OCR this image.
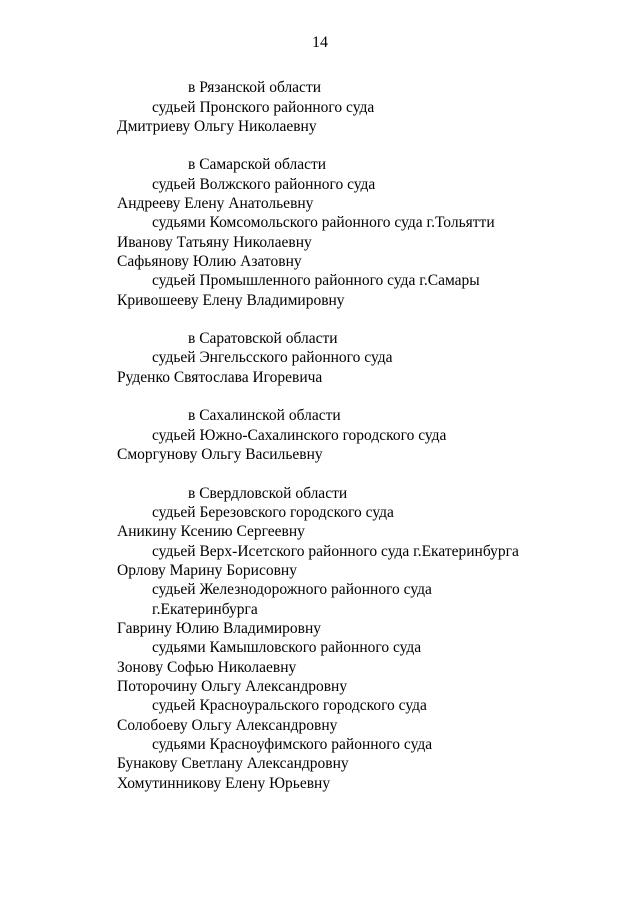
14
в Рязанской области
судьей Пронского районного суда
Дмитриеву Ольгу Николаевну
в Самарской области
судьей Волжского районного суда
Андрееву Елену Анатольевну
судьями Комсомольского районного суда г.Тольятти
Иванову Татьяну Николаевну
Сафьянову Юлию Азатовну
судьей Промышленного районного суда г.Самары
Кривошееву Елену Владимировну
в Саратовской области
судьей Энгельсского районного суда
Руденко Святослава Игоревича
в Сахалинской области
судьей Южно-Сахалинского городского суда
Сморгунову Ольгу Васильевну
в Свердловской области
судьей Березовского городского суда
Аникину Ксению Сергеевну
судьей Верх-Исетского районного суда г.Екатеринбурга
Орлову Марину Борисовну
судьей Железнодорожного районного суда
г.Екатеринбурга
Гаврину Юлию Владимировну
судьями Камышловского районного суда
Зонову Софью Николаевну
Поторочину Ольгу Александровну
судьей Красноуральского городского суда
Солобоеву Ольгу Александровну
судьями Красноуфимского районного суда
Бунакову Светлану Александровну
Хомутинникову Елену Юрьевну
